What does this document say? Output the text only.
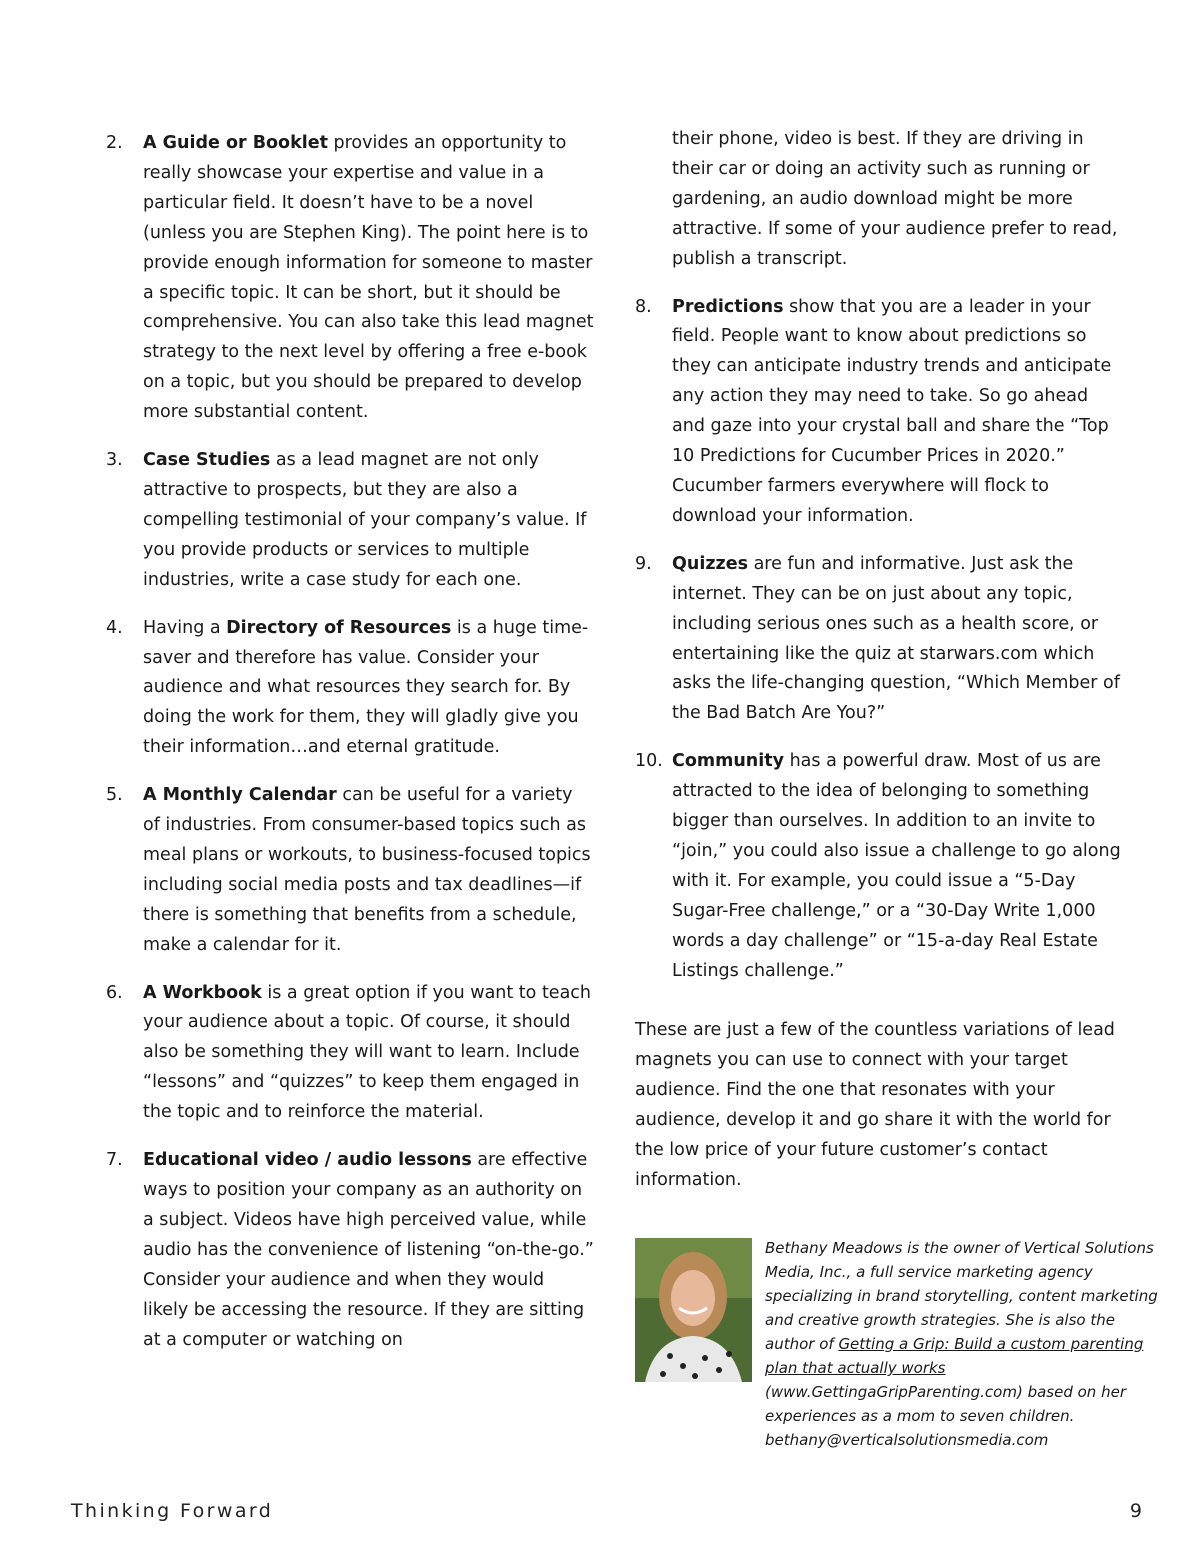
2. A Guide or Booklet provides an opportunity to really showcase your expertise and value in a particular field. It doesn’t have to be a novel (unless you are Stephen King). The point here is to provide enough information for someone to master a specific topic. It can be short, but it should be comprehensive. You can also take this lead magnet strategy to the next level by offering a free e-book on a topic, but you should be prepared to develop more substantial content.
3. Case Studies as a lead magnet are not only attractive to prospects, but they are also a compelling testimonial of your company’s value. If you provide products or services to multiple industries, write a case study for each one.
4. Having a Directory of Resources is a huge time-saver and therefore has value. Consider your audience and what resources they search for. By doing the work for them, they will gladly give you their information…and eternal gratitude.
5. A Monthly Calendar can be useful for a variety of industries. From consumer-based topics such as meal plans or workouts, to business-focused topics including social media posts and tax deadlines—if there is something that benefits from a schedule, make a calendar for it.
6. A Workbook is a great option if you want to teach your audience about a topic. Of course, it should also be something they will want to learn. Include “lessons” and “quizzes” to keep them engaged in the topic and to reinforce the material.
7. Educational video / audio lessons are effective ways to position your company as an authority on a subject. Videos have high perceived value, while audio has the convenience of listening “on-the-go.” Consider your audience and when they would likely be accessing the resource. If they are sitting at a computer or watching on
their phone, video is best. If they are driving in their car or doing an activity such as running or gardening, an audio download might be more attractive. If some of your audience prefer to read, publish a transcript.
8. Predictions show that you are a leader in your field. People want to know about predictions so they can anticipate industry trends and anticipate any action they may need to take. So go ahead and gaze into your crystal ball and share the “Top 10 Predictions for Cucumber Prices in 2020.” Cucumber farmers everywhere will flock to download your information.
9. Quizzes are fun and informative. Just ask the internet. They can be on just about any topic, including serious ones such as a health score, or entertaining like the quiz at starwars.com which asks the life-changing question, “Which Member of the Bad Batch Are You?”
10. Community has a powerful draw. Most of us are attracted to the idea of belonging to something bigger than ourselves. In addition to an invite to “join,” you could also issue a challenge to go along with it. For example, you could issue a “5-Day Sugar-Free challenge,” or a “30-Day Write 1,000 words a day challenge” or “15-a-day Real Estate Listings challenge.”

These are just a few of the countless variations of lead magnets you can use to connect with your target audience. Find the one that resonates with your audience, develop it and go share it with the world for the low price of your future customer’s contact information.

Bethany Meadows is the owner of Vertical Solutions Media, Inc., a full service marketing agency specializing in brand storytelling, content marketing and creative growth strategies. She is also the author of Getting a Grip: Build a custom parenting plan that actually works (www.GettingaGripParenting.com) based on her experiences as a mom to seven children.
bethany@verticalsolutionsmedia.com
Thinking Forward	9
